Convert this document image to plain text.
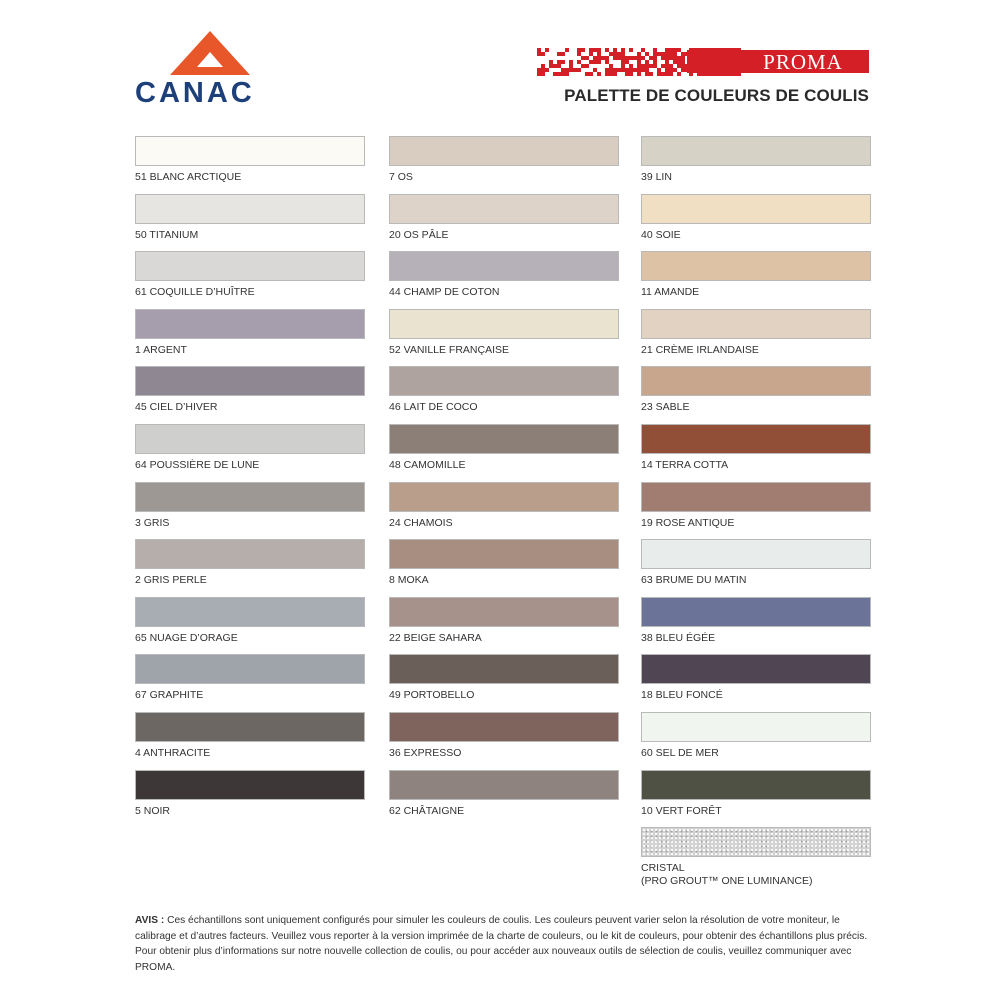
CANAC
PROMA
PALETTE DE COULEURS DE COULIS
51 BLANC ARCTIQUE
50 TITANIUM
61 COQUILLE D’HUÎTRE
1 ARGENT
45 CIEL D’HIVER
64 POUSSIÈRE DE LUNE
3 GRIS
2 GRIS PERLE
65 NUAGE D’ORAGE
67 GRAPHITE
4 ANTHRACITE
5 NOIR
7 OS
20 OS PÂLE
44 CHAMP DE COTON
52 VANILLE FRANÇAISE
46 LAIT DE COCO
48 CAMOMILLE
24 CHAMOIS
8 MOKA
22 BEIGE SAHARA
49 PORTOBELLO
36 EXPRESSO
62 CHÂTAIGNE
39 LIN
40 SOIE
11 AMANDE
21 CRÈME IRLANDAISE
23 SABLE
14 TERRA COTTA
19 ROSE ANTIQUE
63 BRUME DU MATIN
38 BLEU ÉGÉE
18 BLEU FONCÉ
60 SEL DE MER
10 VERT FORÊT
CRISTAL
(PRO GROUT™ ONE LUMINANCE)
AVIS : Ces échantillons sont uniquement configurés pour simuler les couleurs de coulis. Les couleurs peuvent varier selon la résolution de votre moniteur, le calibrage et d’autres facteurs. Veuillez vous reporter à la version imprimée de la charte de couleurs, ou le kit de couleurs, pour obtenir des échantillons plus précis. Pour obtenir plus d’informations sur notre nouvelle collection de coulis, ou pour accéder aux nouveaux outils de sélection de coulis, veuillez communiquer avec PROMA.
